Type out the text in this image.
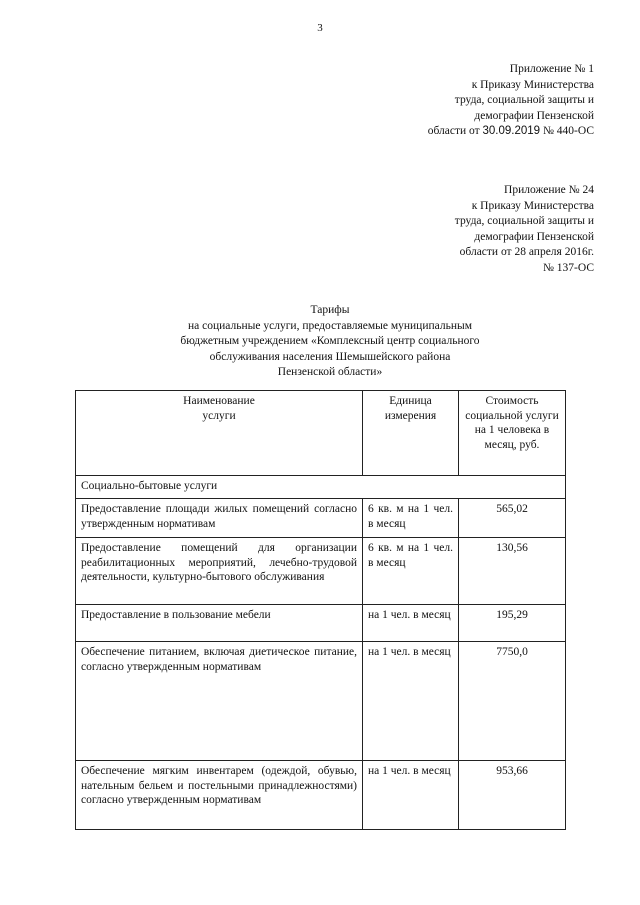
3
Приложение № 1
к Приказу Министерства
труда, социальной защиты и
демографии Пензенской
области от 30.09.2019 № 440-ОС
Приложение № 24
к Приказу Министерства
труда, социальной защиты и
демографии Пензенской
области от 28 апреля 2016г.
№ 137-ОС
Тарифы
на социальные услуги, предоставляемые муниципальным
бюджетным учреждением «Комплексный центр социального
обслуживания населения Шемышейского района
Пензенской области»
Наименование
услуги	Единица
измерения	Стоимость
социальной услуги
на 1 человека в
месяц, руб.

Социально-бытовые услуги		
Предоставление площади жилых помещений согласно утвержденным нормативам	6 кв. м на 1 чел. в месяц	565,02
Предоставление помещений для организации реабилитационных мероприятий, лечебно-трудовой деятельности, культурно-бытового обслуживания	6 кв. м на 1 чел. в месяц	130,56
Предоставление в пользование мебели	на 1 чел. в месяц	195,29
Обеспечение питанием, включая диетическое питание, согласно утвержденным нормативам	на 1 чел. в месяц	7750,0
Обеспечение мягким инвентарем (одеждой, обувью, нательным бельем и постельными принадлежностями) согласно утвержденным нормативам	на 1 чел. в месяц	953,66
